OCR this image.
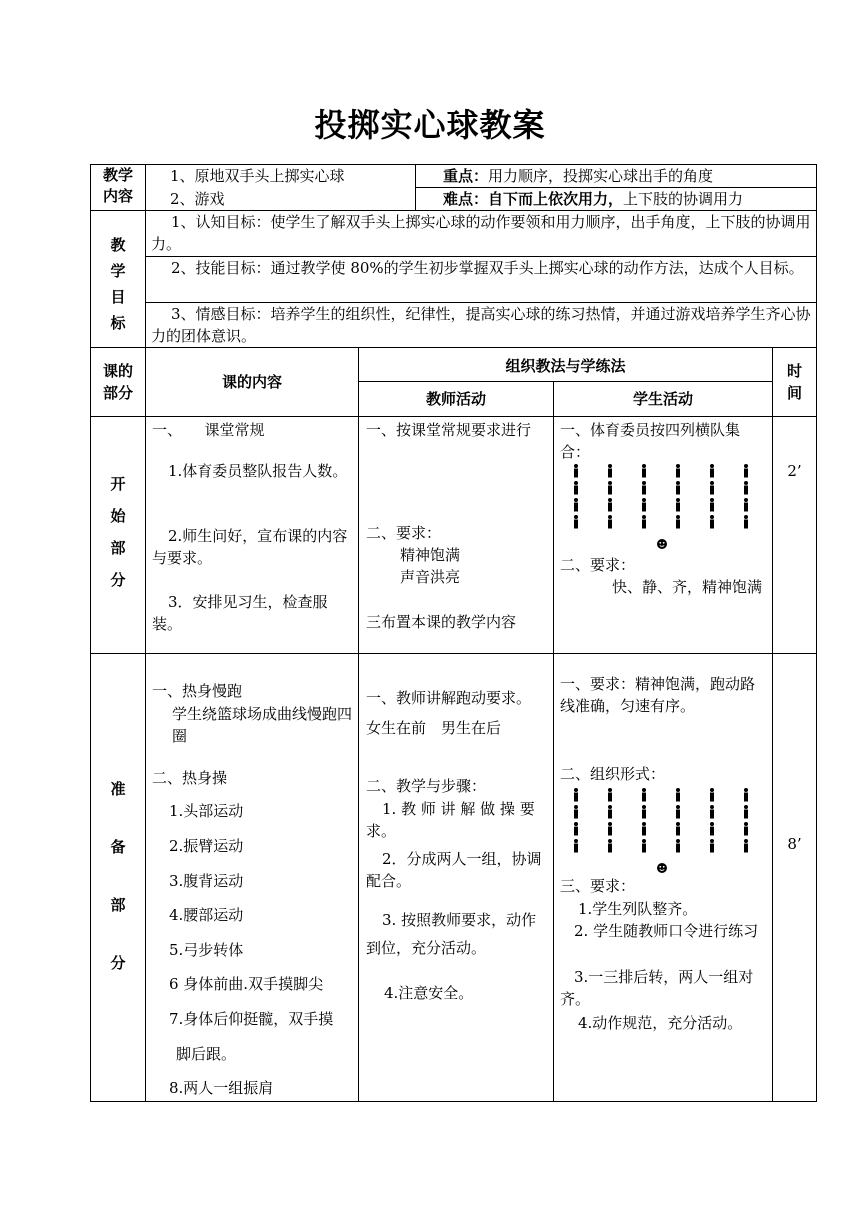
投掷实心球教案
教学
内容
1、原地双手头上掷实心球
2、游戏
重点：用力顺序，投掷实心球出手的角度
难点：自下而上依次用力，上下肢的协调用力
教
学
目
标
1、认知目标：使学生了解双手头上掷实心球的动作要领和用力顺序，出手角度，上下肢的协调用力。
2、技能目标：通过教学使 80%的学生初步掌握双手头上掷实心球的动作方法，达成个人目标。
3、情感目标：培养学生的组织性，纪律性，提高实心球的练习热情，并通过游戏培养学生齐心协力的团体意识。
课的
部分
课的内容
组织教法与学练法
教师活动	学生活动
时
间
开
始
部
分
一、　　课堂常规
1.体育委员整队报告人数。
2.师生问好，宣布课的内容与要求。
3．安排见习生，检查服装。
一、按课堂常规要求进行
二、要求：
精神饱满
声音洪亮
三布置本课的教学内容
一、体育委员按四列横队集合：
二、要求：
快、静、齐，精神饱满
2’
准
备
部
分
一、热身慢跑
学生绕篮球场成曲线慢跑四圈
二、热身操
1.头部运动
2.振臂运动
3.腹背运动
4.腰部运动
5.弓步转体
6 身体前曲.双手摸脚尖
7.身体后仰挺髋，双手摸
脚后跟。
8.两人一组振肩
一、教师讲解跑动要求。
女生在前　男生在后
二、教学与步骤：
1. 教 师 讲 解 做 操 要求。
2．分成两人一组，协调配合。
3. 按照教师要求，动作到位，充分活动。
4.注意安全。
一、要求：精神饱满，跑动路线准确，匀速有序。
二、组织形式：
三、要求：
1.学生列队整齐。
2. 学生随教师口令进行练习
3.一三排后转，两人一组对齐。
4.动作规范，充分活动。
8’
